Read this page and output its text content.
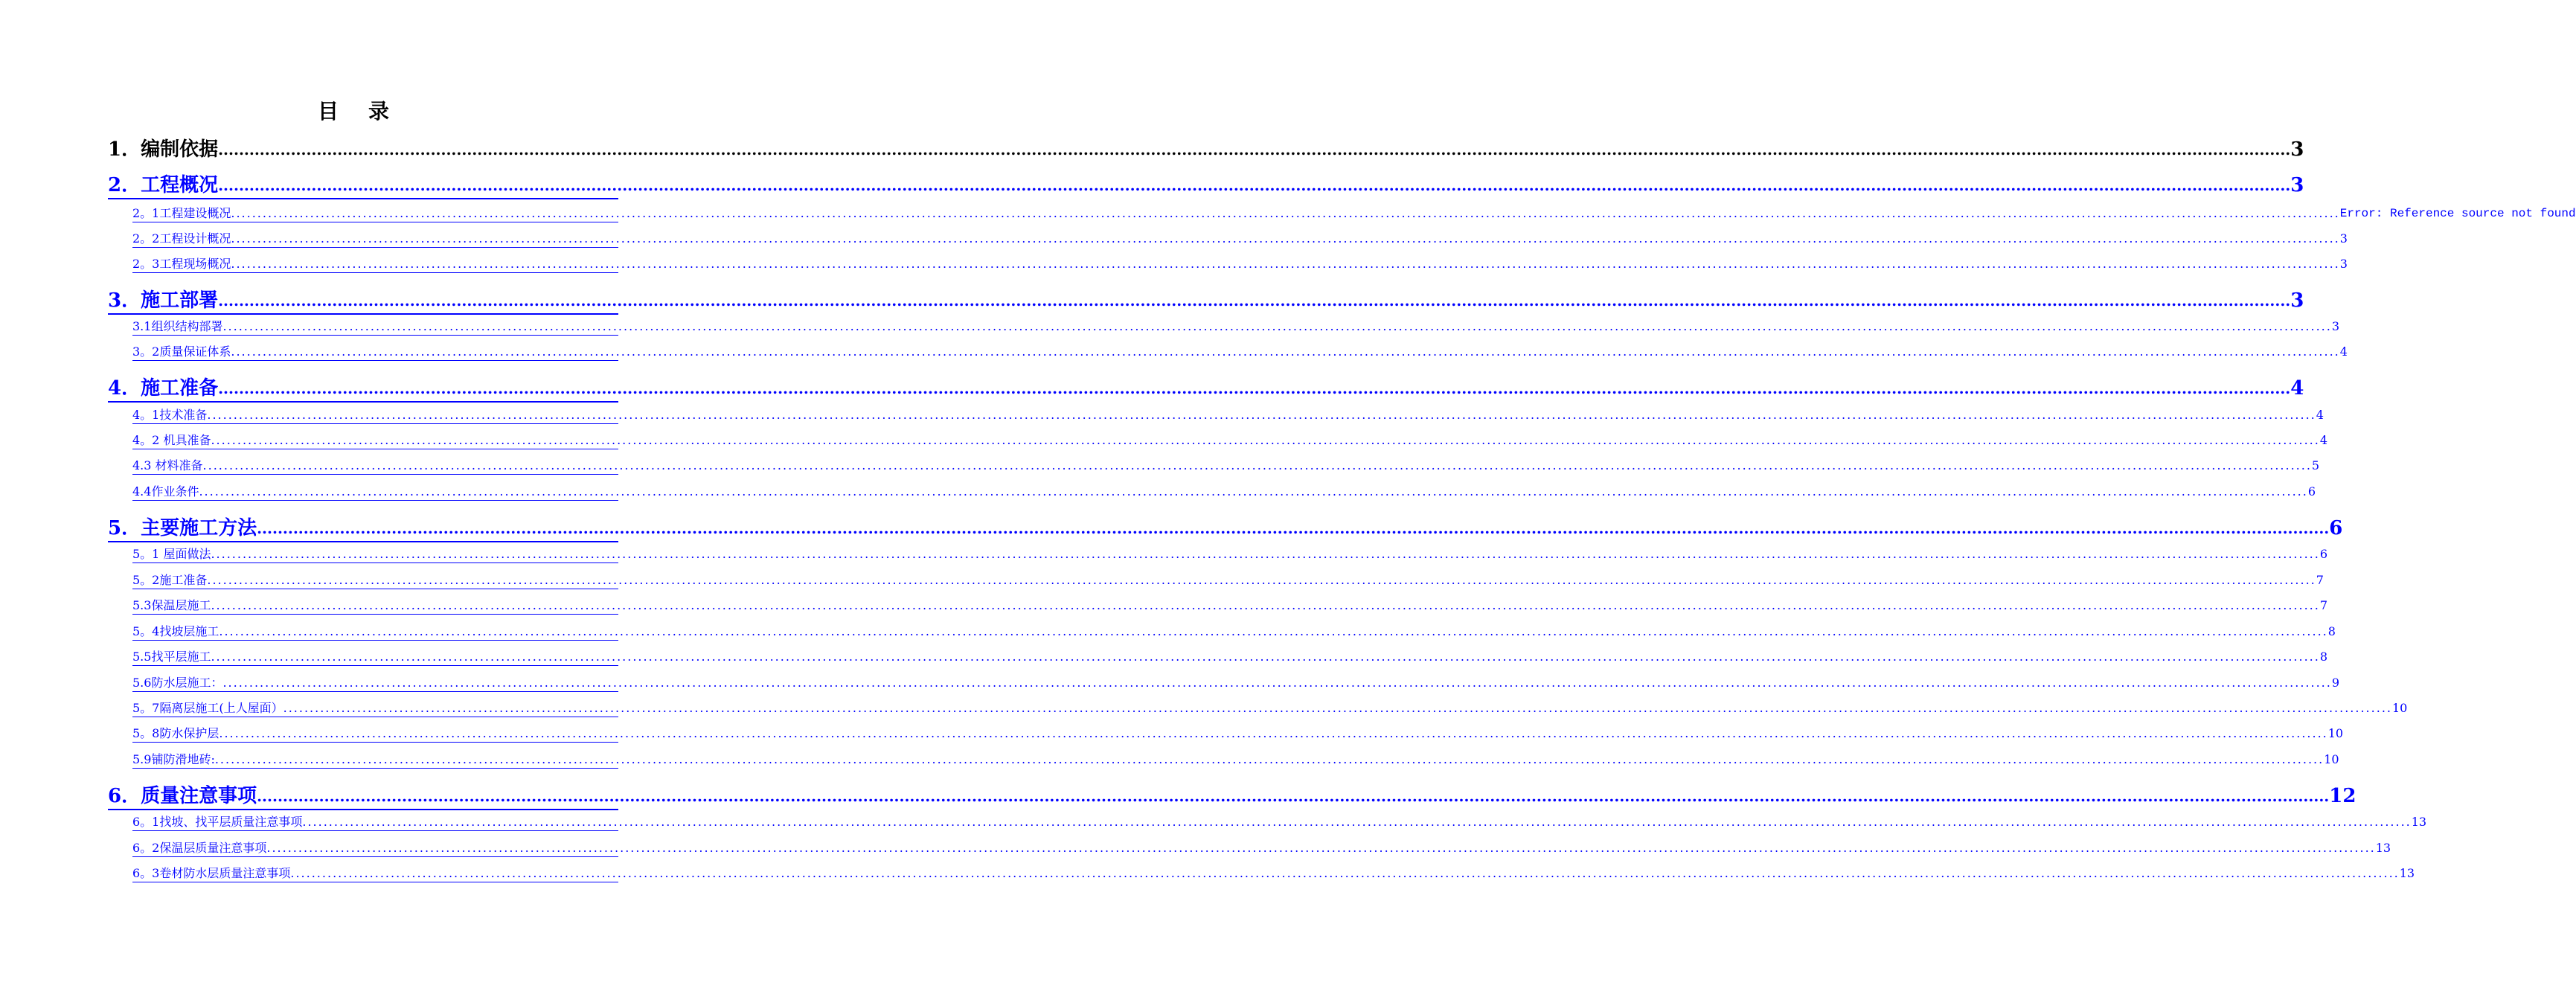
目 录
1．编制依据 ................................................................................................................................................................................................................................................................................................................................................................................................................ 3
2．工程概况 ................................................................................................................................................................................................................................................................................................................................................................................................................ 3
2。1工程建设概况 ................................................................................................................................................................................................................................................................................................................................................................................................................ Error: Reference source not found
2。2工程设计概况 ................................................................................................................................................................................................................................................................................................................................................................................................................ 3
2。3工程现场概况 ................................................................................................................................................................................................................................................................................................................................................................................................................ 3
3．施工部署 ................................................................................................................................................................................................................................................................................................................................................................................................................ 3
3.1组织结构部署 ................................................................................................................................................................................................................................................................................................................................................................................................................ 3
3。2质量保证体系 ................................................................................................................................................................................................................................................................................................................................................................................................................ 4
4．施工准备 ................................................................................................................................................................................................................................................................................................................................................................................................................ 4
4。1技术准备 ................................................................................................................................................................................................................................................................................................................................................................................................................ 4
4。2 机具准备 ................................................................................................................................................................................................................................................................................................................................................................................................................ 4
4.3 材料准备 ................................................................................................................................................................................................................................................................................................................................................................................................................ 5
4.4作业条件 ................................................................................................................................................................................................................................................................................................................................................................................................................ 6
5．主要施工方法 ................................................................................................................................................................................................................................................................................................................................................................................................................ 6
5。1 屋面做法 ................................................................................................................................................................................................................................................................................................................................................................................................................ 6
5。2施工准备 ................................................................................................................................................................................................................................................................................................................................................................................................................ 7
5.3保温层施工 ................................................................................................................................................................................................................................................................................................................................................................................................................ 7
5。4找坡层施工 ................................................................................................................................................................................................................................................................................................................................................................................................................ 8
5.5找平层施工 ................................................................................................................................................................................................................................................................................................................................................................................................................ 8
5.6防水层施工： ................................................................................................................................................................................................................................................................................................................................................................................................................ 9
5。7隔离层施工(上人屋面） ................................................................................................................................................................................................................................................................................................................................................................................................................ 10
5。8防水保护层 ................................................................................................................................................................................................................................................................................................................................................................................................................ 10
5.9铺防滑地砖: ................................................................................................................................................................................................................................................................................................................................................................................................................ 10
6．质量注意事项 ................................................................................................................................................................................................................................................................................................................................................................................................................ 12
6。1找坡、找平层质量注意事项 ................................................................................................................................................................................................................................................................................................................................................................................................................ 13
6。2保温层质量注意事项 ................................................................................................................................................................................................................................................................................................................................................................................................................ 13
6。3卷材防水层质量注意事项 ................................................................................................................................................................................................................................................................................................................................................................................................................ 13
